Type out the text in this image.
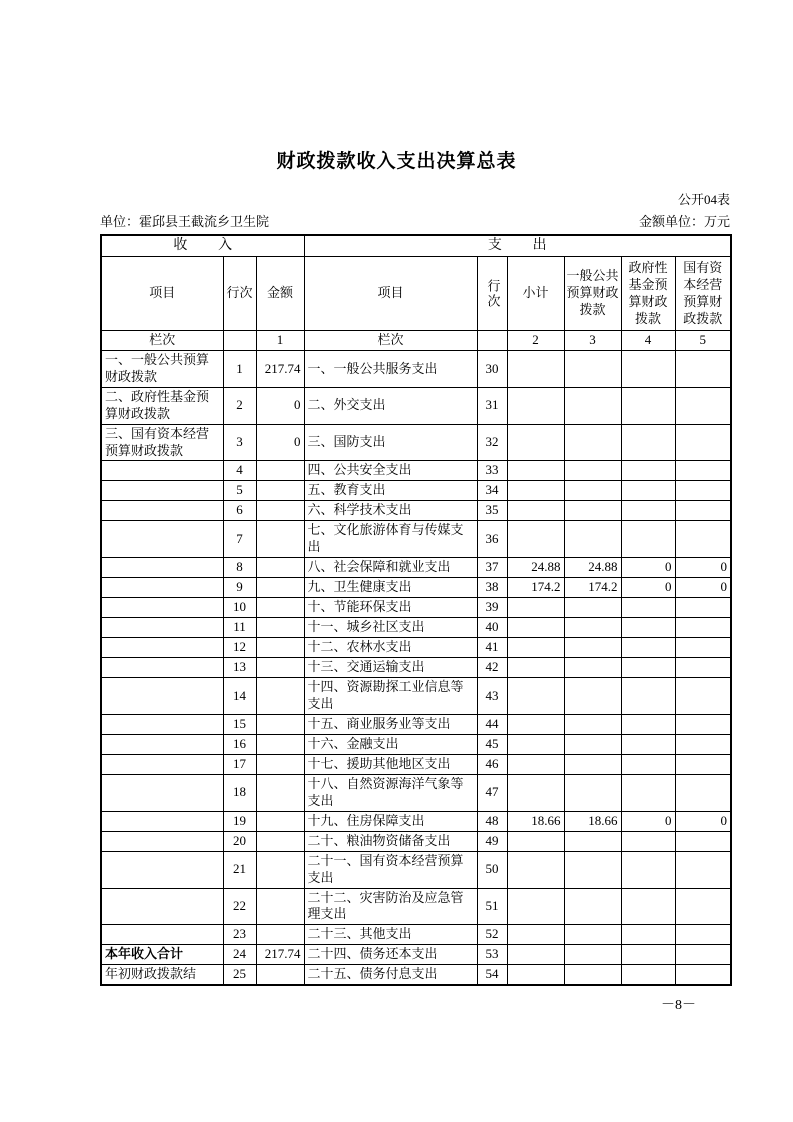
财政拨款收入支出决算总表
公开04表
单位：霍邱县王截流乡卫生院	金额单位：万元
收入			支出					
项目	行次	金额	项目	行次	小计	一般公共预算财政拨款	政府性基金预算财政拨款	国有资本经营预算财政拨款
栏次		1	栏次		2	3	4	5
一、一般公共预算财政拨款	1	217.74	一、一般公共服务支出	30				
二、政府性基金预算财政拨款	2	0	二、外交支出	31				
三、国有资本经营预算财政拨款	3	0	三、国防支出	32				
	4		四、公共安全支出	33				
	5		五、教育支出	34				
	6		六、科学技术支出	35				
	7		七、文化旅游体育与传媒支出	36				
	8		八、社会保障和就业支出	37	24.88	24.88	0	0
	9		九、卫生健康支出	38	174.2	174.2	0	0
	10		十、节能环保支出	39				
	11		十一、城乡社区支出	40				
	12		十二、农林水支出	41				
	13		十三、交通运输支出	42				
	14		十四、资源勘探工业信息等支出	43				
	15		十五、商业服务业等支出	44				
	16		十六、金融支出	45				
	17		十七、援助其他地区支出	46				
	18		十八、自然资源海洋气象等支出	47				
	19		十九、住房保障支出	48	18.66	18.66	0	0
	20		二十、粮油物资储备支出	49				
	21		二十一、国有资本经营预算支出	50				
	22		二十二、灾害防治及应急管理支出	51				
	23		二十三、其他支出	52				
本年收入合计	24	217.74	二十四、债务还本支出	53				
年初财政拨款结	25		二十五、债务付息支出	54				
－8－
